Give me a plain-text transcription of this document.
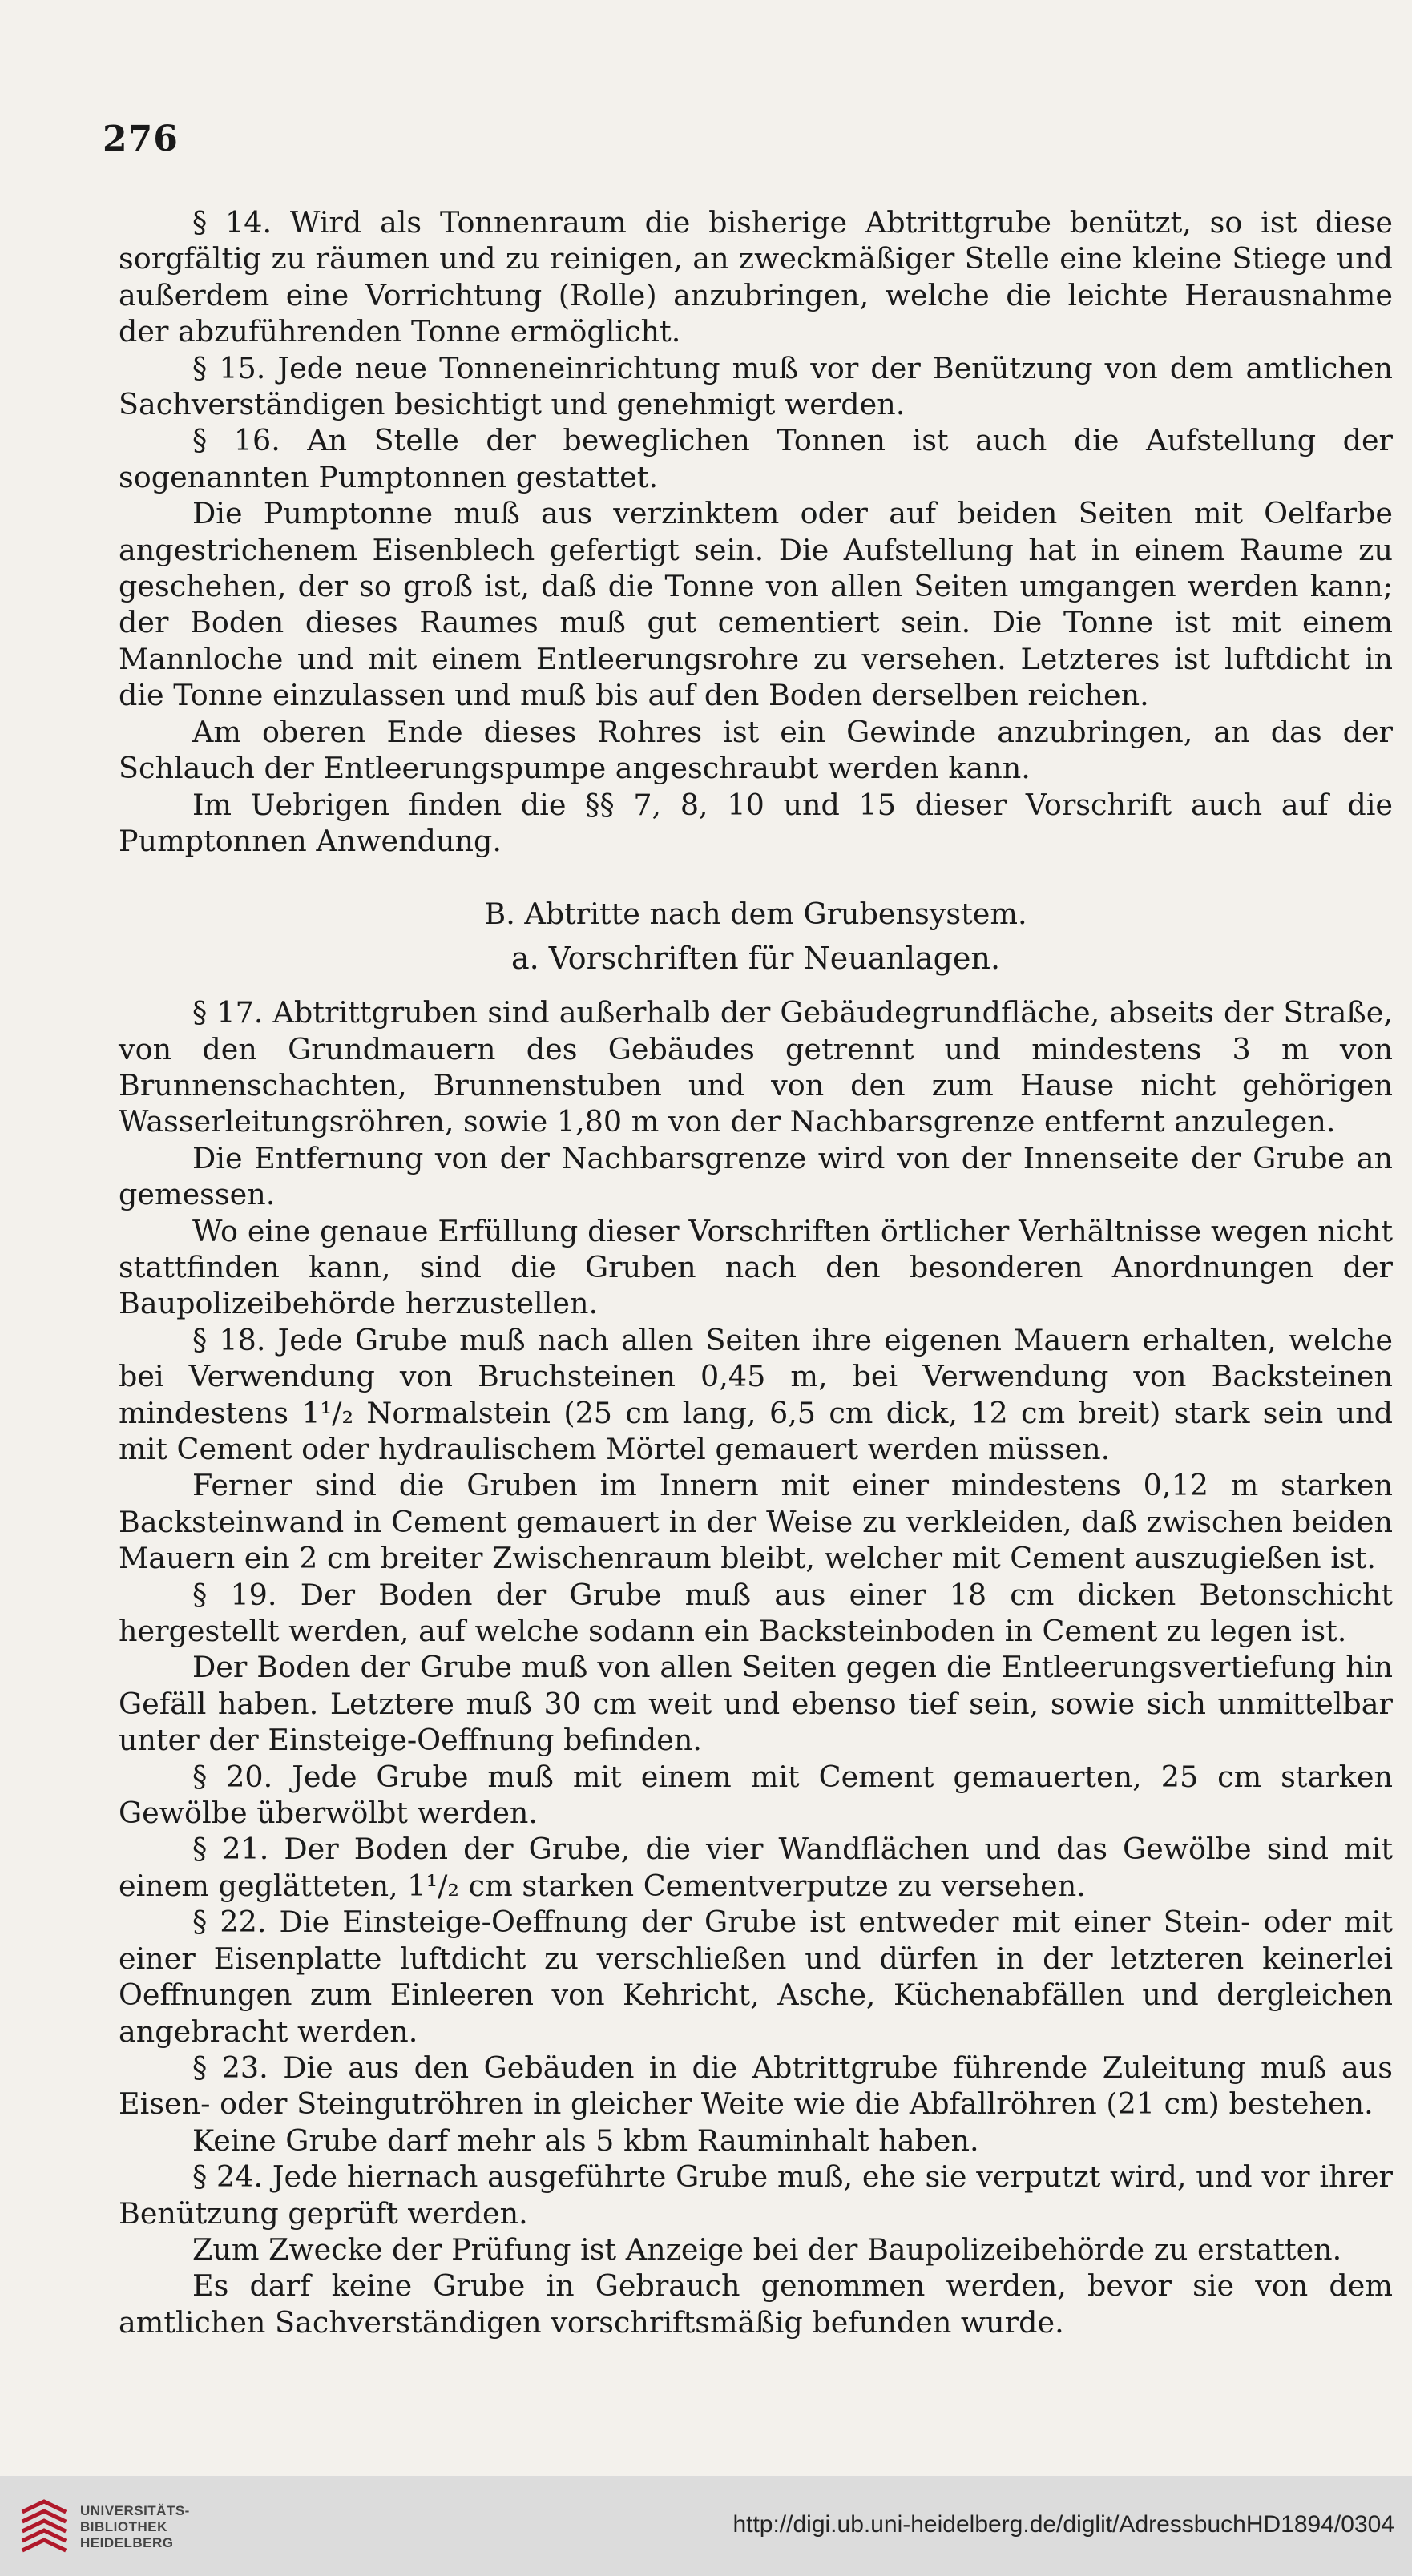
276

§ 14. Wird als Tonnenraum die bisherige Abtrittgrube benützt, so ist diese sorgfältig zu räumen und zu reinigen, an zweckmäßiger Stelle eine kleine Stiege und außerdem eine Vorrichtung (Rolle) anzubringen, welche die leichte Herausnahme der abzuführenden Tonne ermöglicht.

§ 15. Jede neue Tonneneinrichtung muß vor der Benützung von dem amtlichen Sachverständigen besichtigt und genehmigt werden.

§ 16. An Stelle der beweglichen Tonnen ist auch die Aufstellung der sogenannten Pumptonnen gestattet.

Die Pumptonne muß aus verzinktem oder auf beiden Seiten mit Oelfarbe angestrichenem Eisenblech gefertigt sein. Die Aufstellung hat in einem Raume zu geschehen, der so groß ist, daß die Tonne von allen Seiten umgangen werden kann; der Boden dieses Raumes muß gut cementiert sein. Die Tonne ist mit einem Mannloche und mit einem Entleerungsrohre zu versehen. Letzteres ist luftdicht in die Tonne einzulassen und muß bis auf den Boden derselben reichen.

Am oberen Ende dieses Rohres ist ein Gewinde anzubringen, an das der Schlauch der Entleerungspumpe angeschraubt werden kann.

Im Uebrigen finden die §§ 7, 8, 10 und 15 dieser Vorschrift auch auf die Pumptonnen Anwendung.

B. Abtritte nach dem Grubensystem.

a. Vorschriften für Neuanlagen.

§ 17. Abtrittgruben sind außerhalb der Gebäudegrundfläche, abseits der Straße, von den Grundmauern des Gebäudes getrennt und mindestens 3 m von Brunnenschachten, Brunnenstuben und von den zum Hause nicht gehörigen Wasserleitungsröhren, sowie 1,80 m von der Nachbarsgrenze entfernt anzulegen.

Die Entfernung von der Nachbarsgrenze wird von der Innenseite der Grube an gemessen.

Wo eine genaue Erfüllung dieser Vorschriften örtlicher Verhältnisse wegen nicht stattfinden kann, sind die Gruben nach den besonderen Anordnungen der Baupolizeibehörde herzustellen.

§ 18. Jede Grube muß nach allen Seiten ihre eigenen Mauern erhalten, welche bei Verwendung von Bruchsteinen 0,45 m, bei Verwendung von Backsteinen mindestens 1¹/₂ Normalstein (25 cm lang, 6,5 cm dick, 12 cm breit) stark sein und mit Cement oder hydraulischem Mörtel gemauert werden müssen.

Ferner sind die Gruben im Innern mit einer mindestens 0,12 m starken Backsteinwand in Cement gemauert in der Weise zu verkleiden, daß zwischen beiden Mauern ein 2 cm breiter Zwischenraum bleibt, welcher mit Cement auszugießen ist.

§ 19. Der Boden der Grube muß aus einer 18 cm dicken Betonschicht hergestellt werden, auf welche sodann ein Backsteinboden in Cement zu legen ist.

Der Boden der Grube muß von allen Seiten gegen die Entleerungsvertiefung hin Gefäll haben. Letztere muß 30 cm weit und ebenso tief sein, sowie sich unmittelbar unter der Einsteige-Oeffnung befinden.

§ 20. Jede Grube muß mit einem mit Cement gemauerten, 25 cm starken Gewölbe überwölbt werden.

§ 21. Der Boden der Grube, die vier Wandflächen und das Gewölbe sind mit einem geglätteten, 1¹/₂ cm starken Cementverputze zu versehen.

§ 22. Die Einsteige-Oeffnung der Grube ist entweder mit einer Stein- oder mit einer Eisenplatte luftdicht zu verschließen und dürfen in der letzteren keinerlei Oeffnungen zum Einleeren von Kehricht, Asche, Küchenabfällen und dergleichen angebracht werden.

§ 23. Die aus den Gebäuden in die Abtrittgrube führende Zuleitung muß aus Eisen- oder Steingutröhren in gleicher Weite wie die Abfallröhren (21 cm) bestehen.

Keine Grube darf mehr als 5 kbm Rauminhalt haben.

§ 24. Jede hiernach ausgeführte Grube muß, ehe sie verputzt wird, und vor ihrer Benützung geprüft werden.

Zum Zwecke der Prüfung ist Anzeige bei der Baupolizeibehörde zu erstatten.

Es darf keine Grube in Gebrauch genommen werden, bevor sie von dem amtlichen Sachverständigen vorschriftsmäßig befunden wurde.

UNIVERSITÄTS-
BIBLIOTHEK
HEIDELBERG
http://digi.ub.uni-heidelberg.de/diglit/AdressbuchHD1894/0304
